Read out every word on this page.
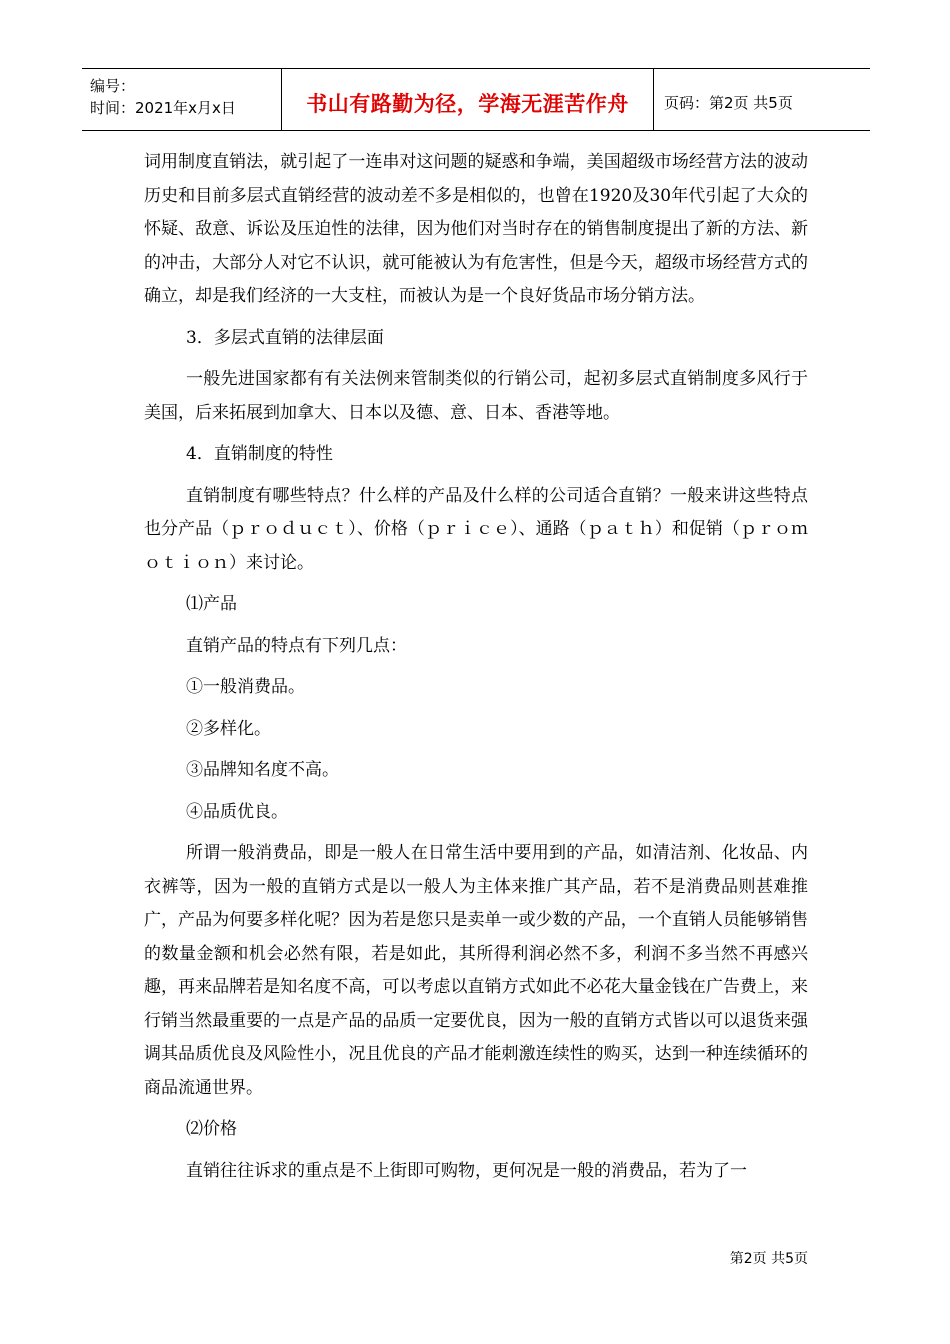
编号：
时间：2021年x月x日	书山有路勤为径，学海无涯苦作舟	页码：第2页 共5页

词用制度直销法，就引起了一连串对这问题的疑惑和争端，美国超级市场经营方法的波动历史和目前多层式直销经营的波动差不多是相似的，也曾在1920及30年代引起了大众的怀疑、敌意、诉讼及压迫性的法律，因为他们对当时存在的销售制度提出了新的方法、新的冲击，大部分人对它不认识，就可能被认为有危害性，但是今天，超级市场经营方式的确立，却是我们经济的一大支柱，而被认为是一个良好货品市场分销方法。

3．多层式直销的法律层面

一般先进国家都有有关法例来管制类似的行销公司，起初多层式直销制度多风行于美国，后来拓展到加拿大、日本以及德、意、日本、香港等地。

4．直销制度的特性

直销制度有哪些特点？什么样的产品及什么样的公司适合直销？一般来讲这些特点也分产品（ｐｒｏｄｕｃｔ）、价格（ｐｒｉｃｅ）、通路（ｐａｔｈ）和促销（ｐｒｏｍｏｔｉｏｎ）来讨论。

⑴产品

直销产品的特点有下列几点：

①一般消费品。
②多样化。
③品牌知名度不高。
④品质优良。

所谓一般消费品，即是一般人在日常生活中要用到的产品，如清洁剂、化妆品、内衣裤等，因为一般的直销方式是以一般人为主体来推广其产品，若不是消费品则甚难推广，产品为何要多样化呢？因为若是您只是卖单一或少数的产品，一个直销人员能够销售的数量金额和机会必然有限，若是如此，其所得利润必然不多，利润不多当然不再感兴趣，再来品牌若是知名度不高，可以考虑以直销方式如此不必花大量金钱在广告费上，来行销当然最重要的一点是产品的品质一定要优良，因为一般的直销方式皆以可以退货来强调其品质优良及风险性小，况且优良的产品才能刺激连续性的购买，达到一种连续循环的商品流通世界。

⑵价格

直销往往诉求的重点是不上街即可购物，更何况是一般的消费品，若为了一

第2页 共5页
